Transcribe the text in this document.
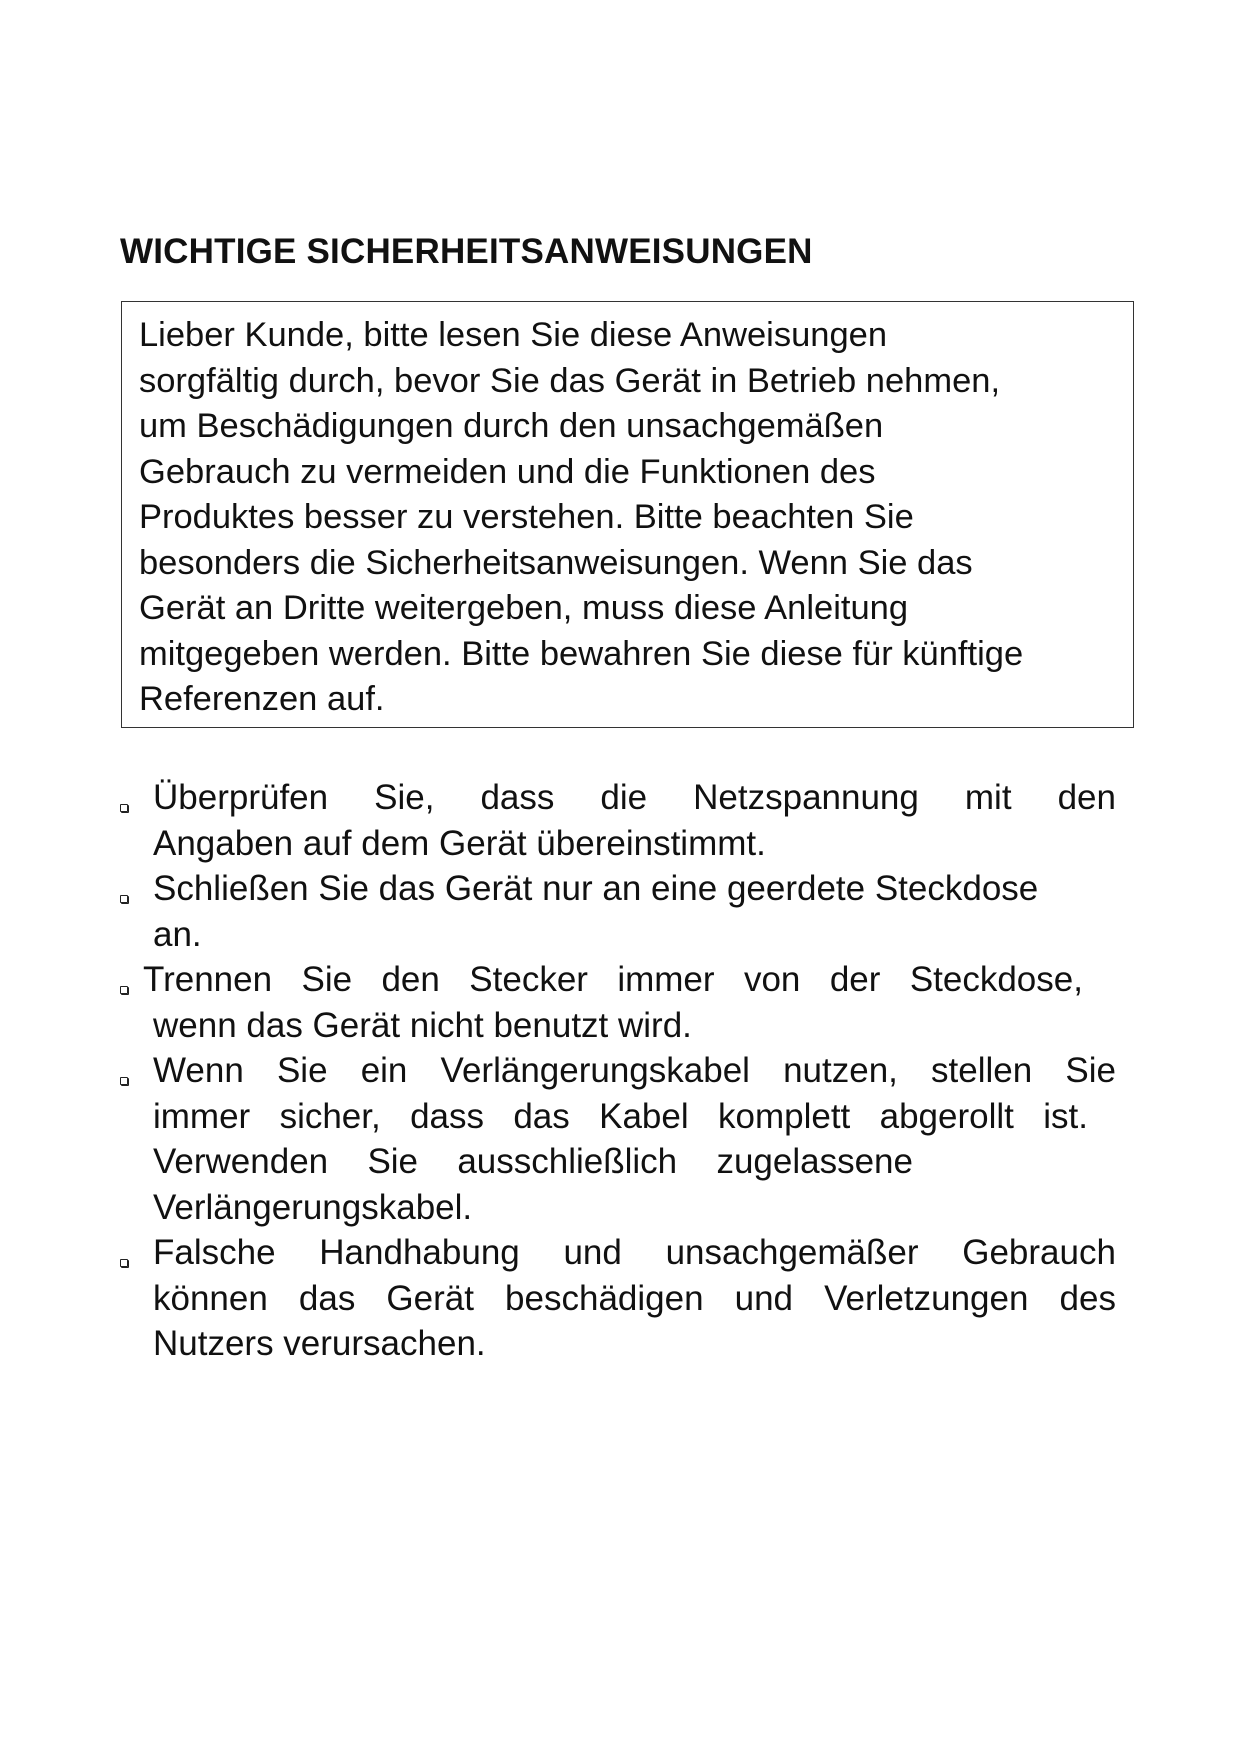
WICHTIGE SICHERHEITSANWEISUNGEN
Lieber Kunde, bitte lesen Sie diese Anweisungen
sorgfältig durch, bevor Sie das Gerät in Betrieb nehmen,
um Beschädigungen durch den unsachgemäßen
Gebrauch zu vermeiden und die Funktionen des
Produktes besser zu verstehen. Bitte beachten Sie
besonders die Sicherheitsanweisungen. Wenn Sie das
Gerät an Dritte weitergeben, muss diese Anleitung
mitgegeben werden. Bitte bewahren Sie diese für künftige
Referenzen auf.
Überprüfen Sie, dass die Netzspannung mit den
Angaben auf dem Gerät übereinstimmt.
Schließen Sie das Gerät nur an eine geerdete Steckdose
an.
Trennen Sie den Stecker immer von der Steckdose,
wenn das Gerät nicht benutzt wird.
Wenn Sie ein Verlängerungskabel nutzen, stellen Sie
immer sicher, dass das Kabel komplett abgerollt ist.
Verwenden Sie ausschließlich zugelassene
Verlängerungskabel.
Falsche Handhabung und unsachgemäßer Gebrauch
können das Gerät beschädigen und Verletzungen des
Nutzers verursachen.
